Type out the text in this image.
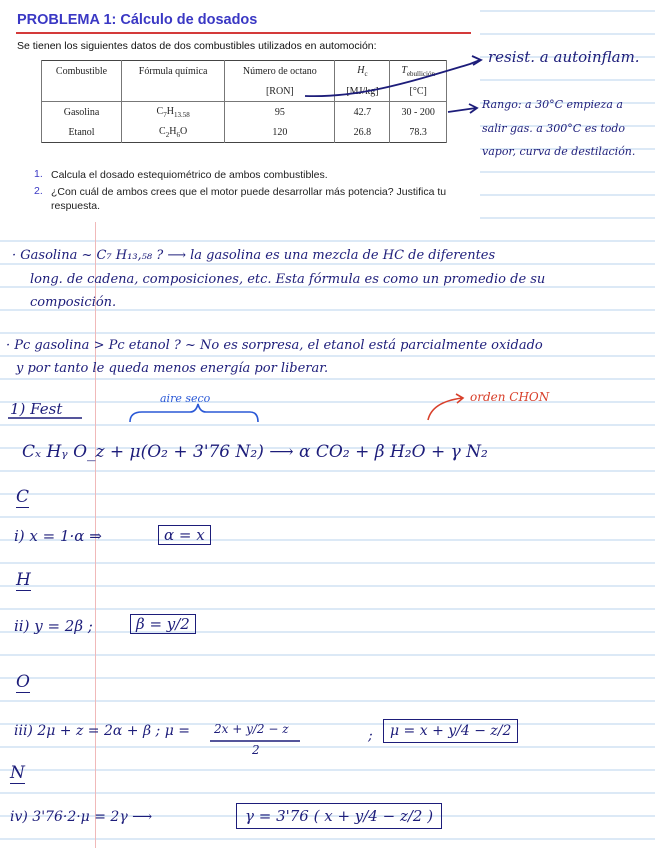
PROBLEMA 1: Cálculo de dosados
Se tienen los siguientes datos de dos combustibles utilizados en automoción:
Combustible	Fórmula química	Número de octano	$H_c$	$T_{ebullición}$
		[RON]	[MJ/kg]	[°C]
Gasolina	$C_7H_{13.58}$	95	42.7	30 - 200
Etanol	$C_2H_6O$	120	26.8	78.3
1. Calcula el dosado estequiométrico de ambos combustibles.
2. ¿Con cuál de ambos crees que el motor puede desarrollar más potencia? Justifica tu respuesta.
resist. a autoinflam.
Rango: a 30°C empieza a
salir gas. a 300°C es todo
vapor, curva de destilación.
· Gasolina ~ C₇ H₁₃,₅₈ ? ⟶ la gasolina es una mezcla de HC de diferentes
long. de cadena, composiciones, etc. Esta fórmula es como un promedio de su
composición.
· Pc gasolina > Pc etanol ? ~ No es sorpresa, el etanol está parcialmente oxidado
y por tanto le queda menos energía por liberar.
aire seco	orden CHON
1) Fest
Cₓ Hᵧ O_z + μ(O₂ + 3'76 N₂) ⟶ α CO₂ + β H₂O + γ N₂
C
i) x = 1·α ⇒	α = x
H
ii) y = 2β ;	β = y/2
O
iii) 2μ + z = 2α + β ; μ = 2x + y/2 − z
2
;	μ = x + y/4 − z/2
N
iv) 3'76·2·μ = 2γ ⟶	γ = 3'76 ( x + y/4 − z/2 )
